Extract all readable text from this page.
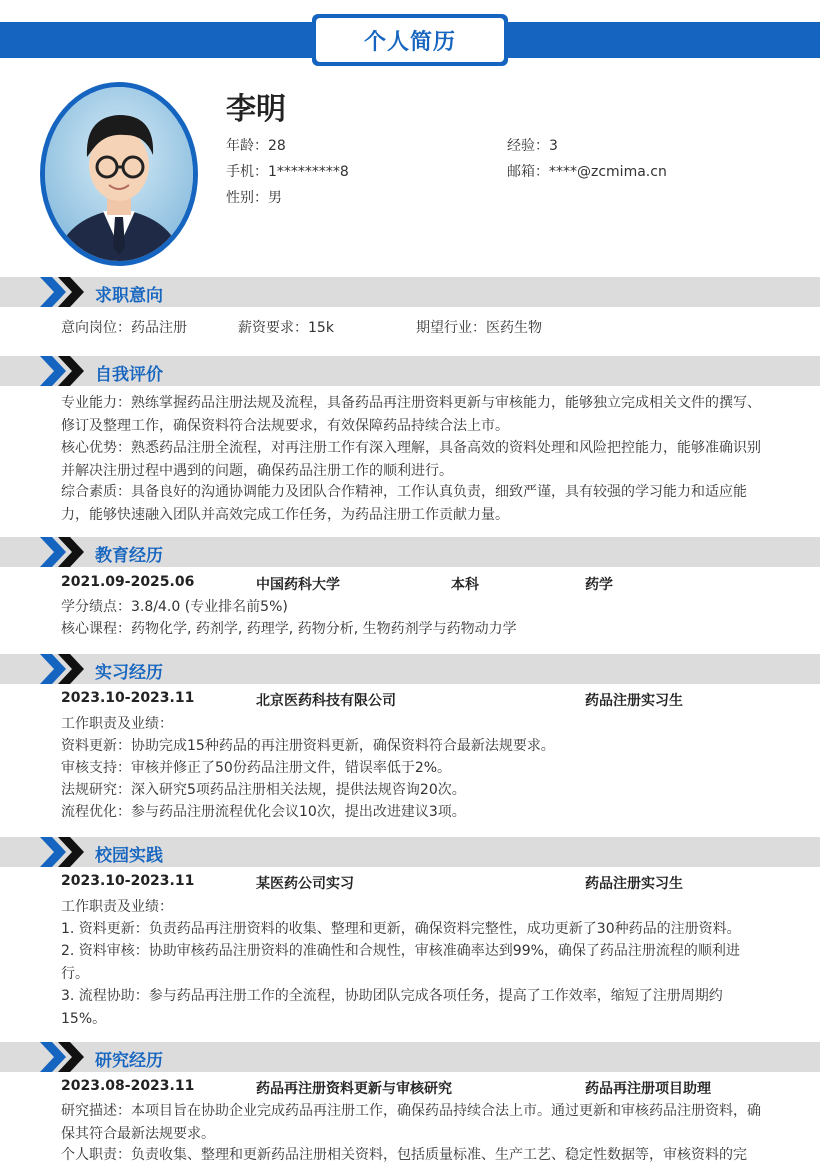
个人简历
李明
年龄：28	经验：3
手机：1*********8	邮箱：****@zcmima.cn
性别：男
求职意向
意向岗位：药品注册	薪资要求：15k	期望行业：医药生物
自我评价
专业能力：熟练掌握药品注册法规及流程，具备药品再注册资料更新与审核能力，能够独立完成相关文件的撰写、修订及整理工作，确保资料符合法规要求，有效保障药品持续合法上市。
核心优势：熟悉药品注册全流程，对再注册工作有深入理解，具备高效的资料处理和风险把控能力，能够准确识别并解决注册过程中遇到的问题，确保药品注册工作的顺利进行。
综合素质：具备良好的沟通协调能力及团队合作精神，工作认真负责，细致严谨，具有较强的学习能力和适应能力，能够快速融入团队并高效完成工作任务，为药品注册工作贡献力量。
教育经历
2021.09-2025.06	中国药科大学	本科	药学
学分绩点：3.8/4.0 (专业排名前5%)
核心课程：药物化学, 药剂学, 药理学, 药物分析, 生物药剂学与药物动力学
实习经历
2023.10-2023.11	北京医药科技有限公司	药品注册实习生
工作职责及业绩：
资料更新：协助完成15种药品的再注册资料更新，确保资料符合最新法规要求。
审核支持：审核并修正了50份药品注册文件，错误率低于2%。
法规研究：深入研究5项药品注册相关法规，提供法规咨询20次。
流程优化：参与药品注册流程优化会议10次，提出改进建议3项。
校园实践
2023.10-2023.11	某医药公司实习	药品注册实习生
工作职责及业绩：
1. 资料更新：负责药品再注册资料的收集、整理和更新，确保资料完整性，成功更新了30种药品的注册资料。
2. 资料审核：协助审核药品注册资料的准确性和合规性，审核准确率达到99%，确保了药品注册流程的顺利进行。
3. 流程协助：参与药品再注册工作的全流程，协助团队完成各项任务，提高了工作效率，缩短了注册周期约15%。
研究经历
2023.08-2023.11	药品再注册资料更新与审核研究	药品再注册项目助理
研究描述：本项目旨在协助企业完成药品再注册工作，确保药品持续合法上市。通过更新和审核药品注册资料，确保其符合最新法规要求。
个人职责：负责收集、整理和更新药品注册相关资料，包括质量标准、生产工艺、稳定性数据等，审核资料的完
